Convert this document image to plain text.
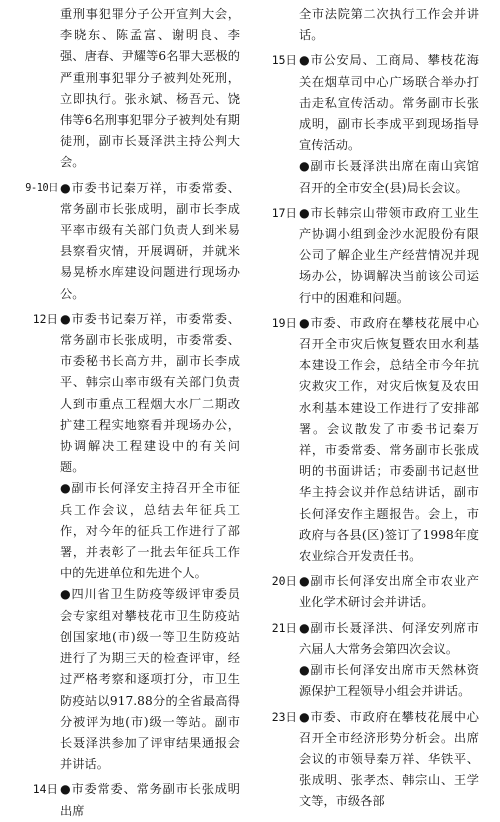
重刑事犯罪分子公开宣判大会，李晓东、陈孟富、谢明良、李强、唐春、尹耀等6名罪大恶极的严重刑事犯罪分子被判处死刑，立即执行。张永斌、杨吾元、饶伟等6名刑事犯罪分子被判处有期徒刑，副市长聂泽洪主持公判大会。

9-10日 ●市委书记秦万祥，市委常委、常务副市长张成明，副市长李成平率市级有关部门负责人到米易县察看灾情，开展调研，并就米易晃桥水库建设问题进行现场办公。

12日 ●市委书记秦万祥，市委常委、常务副市长张成明，市委常委、市委秘书长高方井，副市长李成平、韩宗山率市级有关部门负责人到市重点工程烟大水厂二期改扩建工程实地察看并现场办公，协调解决工程建设中的有关问题。

●副市长何泽安主持召开全市征兵工作会议，总结去年征兵工作，对今年的征兵工作进行了部署，并表彰了一批去年征兵工作中的先进单位和先进个人。

●四川省卫生防疫等级评审委员会专家组对攀枝花市卫生防疫站创国家地(市)级一等卫生防疫站进行了为期三天的检查评审，经过严格考察和逐项打分，市卫生防疫站以917.88分的全省最高得分被评为地(市)级一等站。副市长聂泽洪参加了评审结果通报会并讲话。

14日 ●市委常委、常务副市长张成明出席

全市法院第二次执行工作会并讲话。

15日 ●市公安局、工商局、攀枝花海关在烟草司中心广场联合举办打击走私宣传活动。常务副市长张成明，副市长李成平到现场指导宣传活动。

●副市长聂泽洪出席在南山宾馆召开的全市安全(县)局长会议。

17日 ●市长韩宗山带领市政府工业生产协调小组到金沙水泥股份有限公司了解企业生产经营情况并现场办公，协调解决当前该公司运行中的困难和问题。

19日 ●市委、市政府在攀枝花展中心召开全市灾后恢复暨农田水利基本建设工作会，总结全市今年抗灾救灾工作，对灾后恢复及农田水利基本建设工作进行了安排部署。会议散发了市委书记秦万祥，市委常委、常务副市长张成明的书面讲话；市委副书记赵世华主持会议并作总结讲话，副市长何泽安作主题报告。会上，市政府与各县(区)签订了1998年度农业综合开发责任书。

20日 ●副市长何泽安出席全市农业产业化学术研讨会并讲话。

21日 ●副市长聂泽洪、何泽安列席市六届人大常务会第四次会议。

●副市长何泽安出席市天然林资源保护工程领导小组会并讲话。

23日 ●市委、市政府在攀枝花展中心召开全市经济形势分析会。出席会议的市领导秦万祥、华铁平、张成明、张孝杰、韩宗山、王学文等，市级各部
